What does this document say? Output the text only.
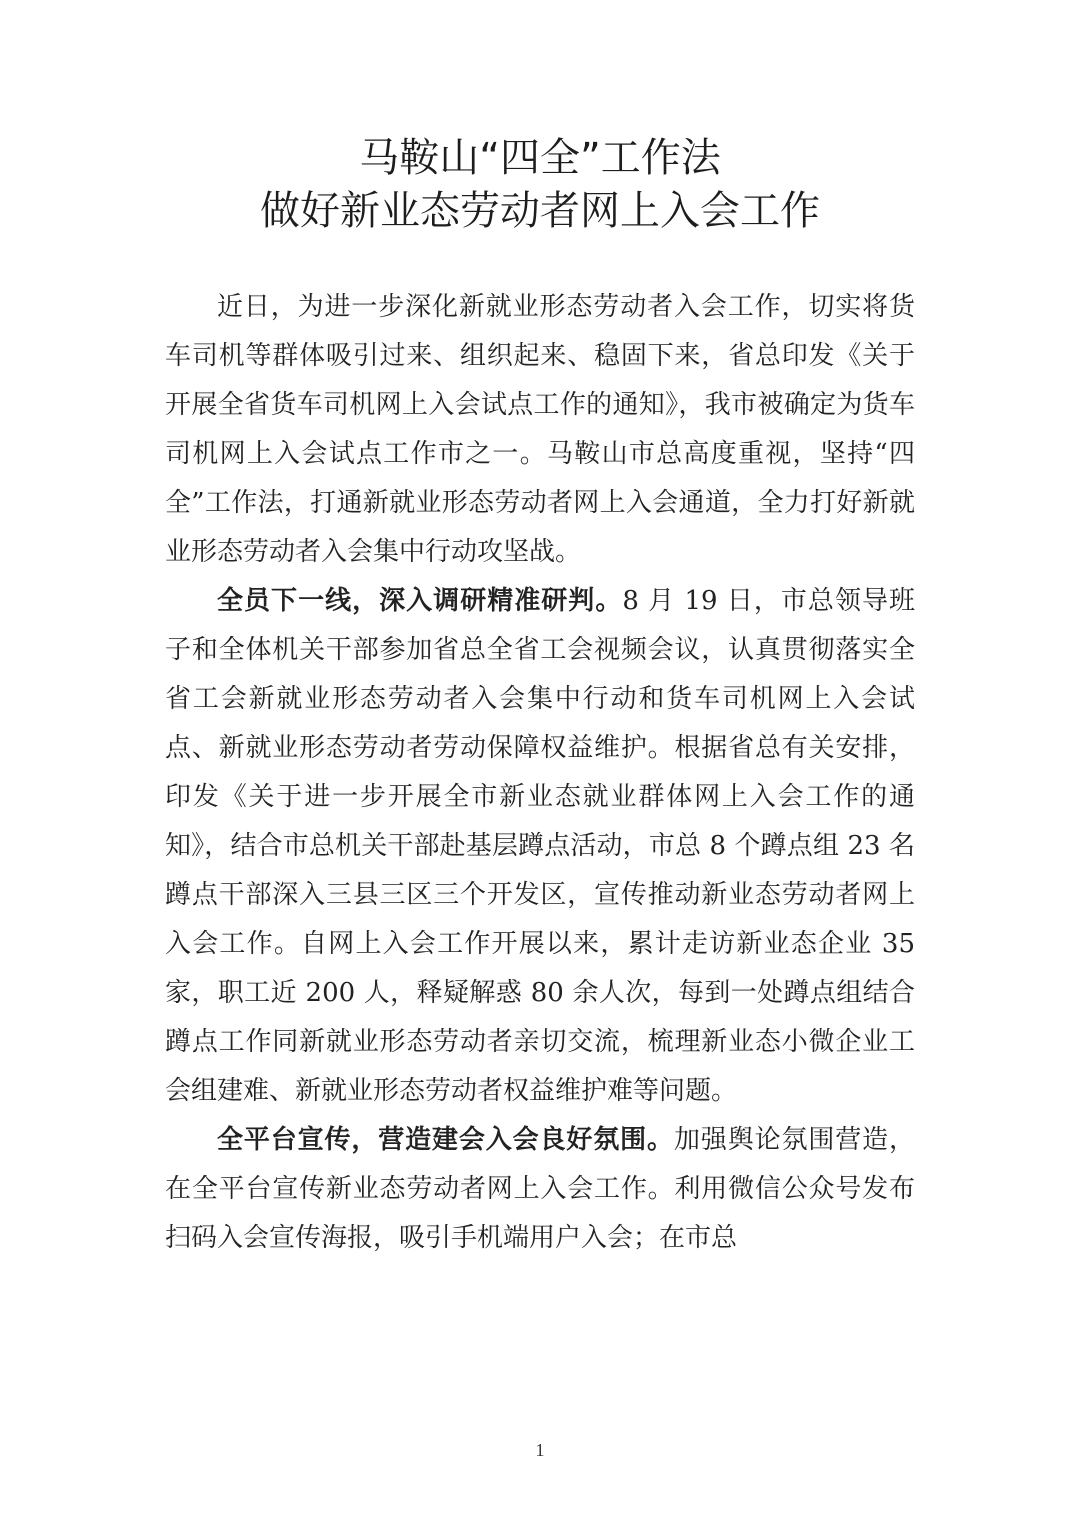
马鞍山“四全”工作法
做好新业态劳动者网上入会工作

近日，为进一步深化新就业形态劳动者入会工作，切实将货车司机等群体吸引过来、组织起来、稳固下来，省总印发《关于开展全省货车司机网上入会试点工作的通知》，我市被确定为货车司机网上入会试点工作市之一。马鞍山市总高度重视，坚持“四全”工作法，打通新就业形态劳动者网上入会通道，全力打好新就业形态劳动者入会集中行动攻坚战。

全员下一线，深入调研精准研判。8 月 19 日，市总领导班子和全体机关干部参加省总全省工会视频会议，认真贯彻落实全省工会新就业形态劳动者入会集中行动和货车司机网上入会试点、新就业形态劳动者劳动保障权益维护。根据省总有关安排，印发《关于进一步开展全市新业态就业群体网上入会工作的通知》，结合市总机关干部赴基层蹲点活动，市总 8 个蹲点组 23 名蹲点干部深入三县三区三个开发区，宣传推动新业态劳动者网上入会工作。自网上入会工作开展以来，累计走访新业态企业 35 家，职工近 200 人，释疑解惑 80 余人次，每到一处蹲点组结合蹲点工作同新就业形态劳动者亲切交流，梳理新业态小微企业工会组建难、新就业形态劳动者权益维护难等问题。

全平台宣传，营造建会入会良好氛围。加强舆论氛围营造，在全平台宣传新业态劳动者网上入会工作。利用微信公众号发布扫码入会宣传海报，吸引手机端用户入会；在市总

1
